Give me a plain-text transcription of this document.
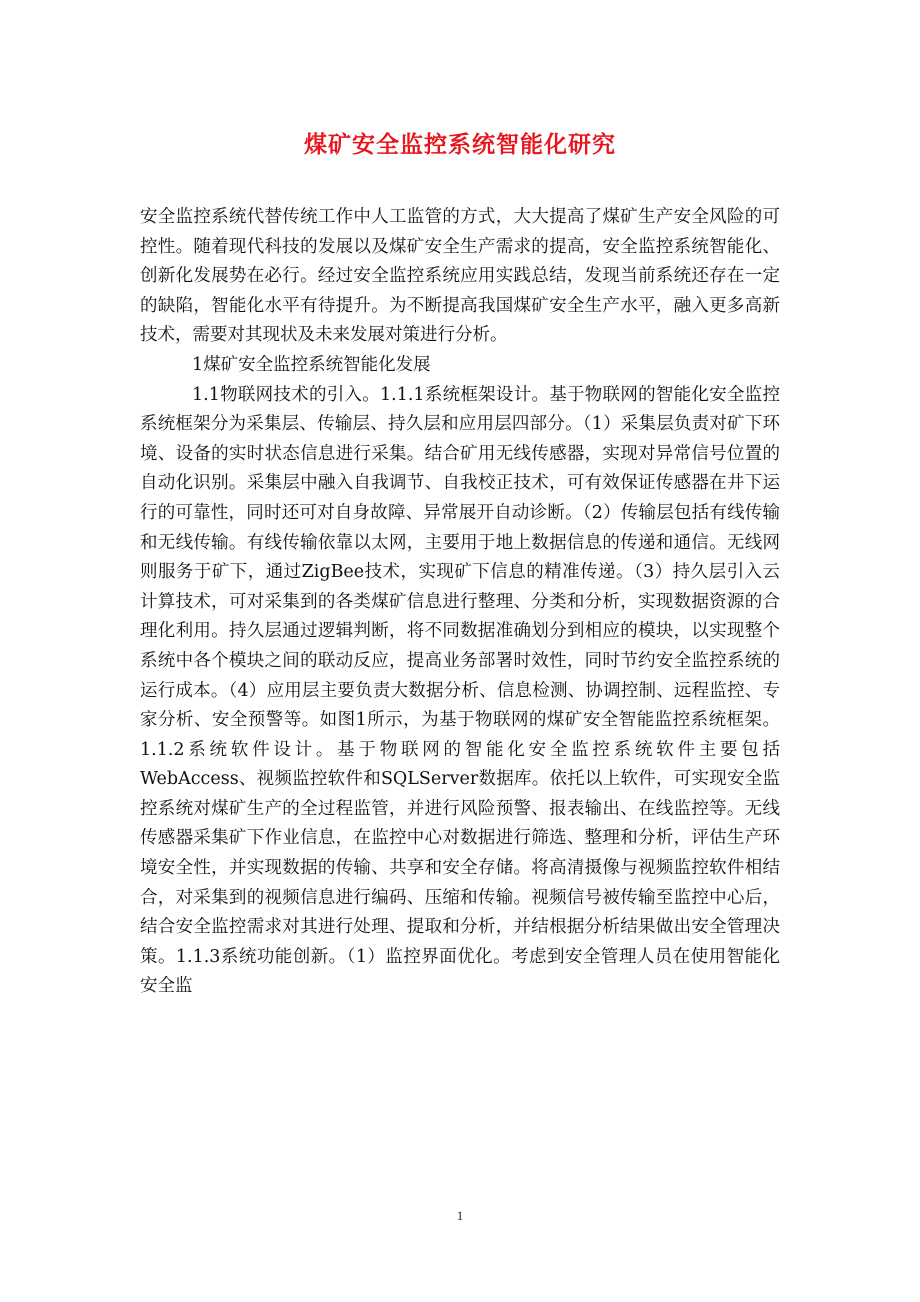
煤矿安全监控系统智能化研究

安全监控系统代替传统工作中人工监管的方式，大大提高了煤矿生产安全风险的可控性。随着现代科技的发展以及煤矿安全生产需求的提高，安全监控系统智能化、创新化发展势在必行。经过安全监控系统应用实践总结，发现当前系统还存在一定的缺陷，智能化水平有待提升。为不断提高我国煤矿安全生产水平，融入更多高新技术，需要对其现状及未来发展对策进行分析。

1煤矿安全监控系统智能化发展

1.1物联网技术的引入。1.1.1系统框架设计。基于物联网的智能化安全监控系统框架分为采集层、传输层、持久层和应用层四部分。（1）采集层负责对矿下环境、设备的实时状态信息进行采集。结合矿用无线传感器，实现对异常信号位置的自动化识别。采集层中融入自我调节、自我校正技术，可有效保证传感器在井下运行的可靠性，同时还可对自身故障、异常展开自动诊断。（2）传输层包括有线传输和无线传输。有线传输依靠以太网，主要用于地上数据信息的传递和通信。无线网则服务于矿下，通过ZigBee技术，实现矿下信息的精准传递。（3）持久层引入云计算技术，可对采集到的各类煤矿信息进行整理、分类和分析，实现数据资源的合理化利用。持久层通过逻辑判断，将不同数据准确划分到相应的模块，以实现整个系统中各个模块之间的联动反应，提高业务部署时效性，同时节约安全监控系统的运行成本。（4）应用层主要负责大数据分析、信息检测、协调控制、远程监控、专家分析、安全预警等。如图1所示，为基于物联网的煤矿安全智能监控系统框架。1.1.2系统软件设计。基于物联网的智能化安全监控系统软件主要包括WebAccess、视频监控软件和SQLServer数据库。依托以上软件，可实现安全监控系统对煤矿生产的全过程监管，并进行风险预警、报表输出、在线监控等。无线传感器采集矿下作业信息，在监控中心对数据进行筛选、整理和分析，评估生产环境安全性，并实现数据的传输、共享和安全存储。将高清摄像与视频监控软件相结合，对采集到的视频信息进行编码、压缩和传输。视频信号被传输至监控中心后，结合安全监控需求对其进行处理、提取和分析，并结根据分析结果做出安全管理决策。1.1.3系统功能创新。（1）监控界面优化。考虑到安全管理人员在使用智能化安全监

1
